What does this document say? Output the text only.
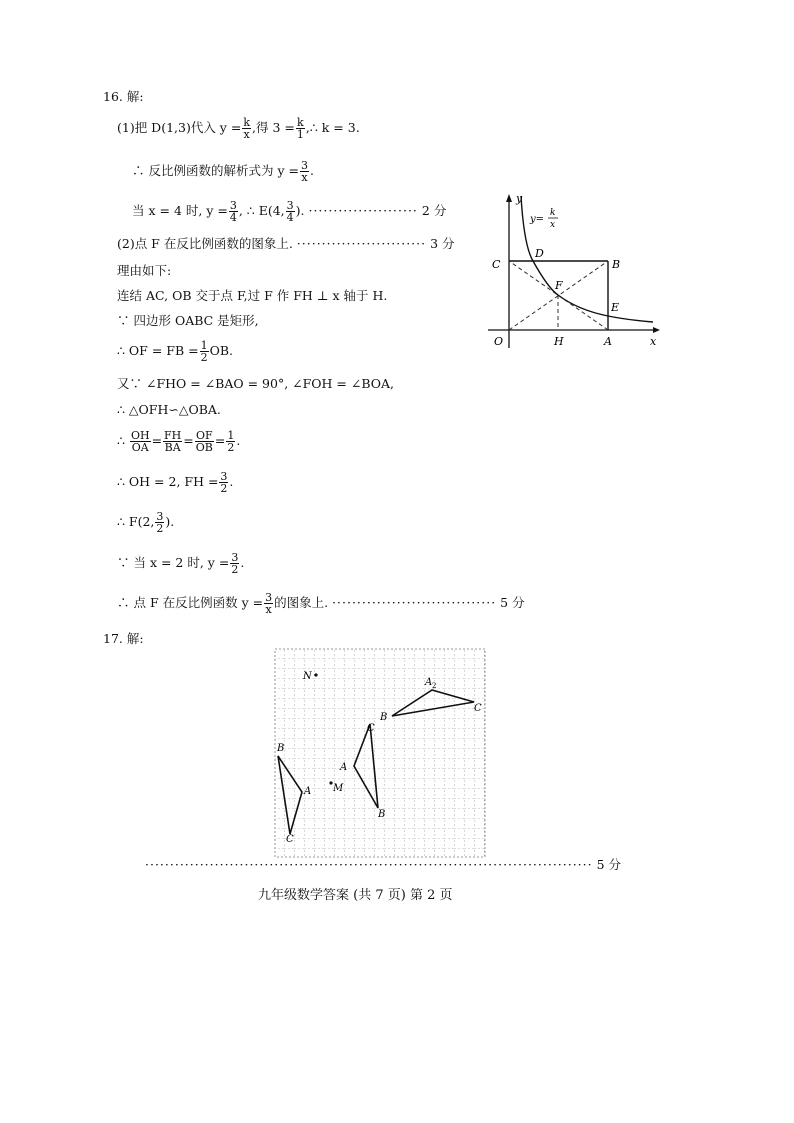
16. 解:
(1)把 D(1,3)代入 $y = \frac{k}{x}$ ,得 $3 = \frac{k}{1}$ ,∴ k = 3.
∴ 反比例函数的解析式为 $y = \frac{3}{x}$ .
当 x = 4 时, $y = \frac{3}{4}$ , ∴ E(4, $\frac{3}{4}$ ). ······················ 2 分
(2)点 F 在反比例函数的图象上. ·························· 3 分
理由如下:
连结 AC, OB 交于点 F,过 F 作 FH ⊥ x 轴于 H.
∵ 四边形 OABC 是矩形,
∴ OF = FB = $\frac{1}{2}$ OB.
又∵ ∠FHO = ∠BAO = 90°, ∠FOH = ∠BOA,
∴ △OFH∽△OBA.
∴ $\frac{OH}{OA} = \frac{FH}{BA} = \frac{OF}{OB} = \frac{1}{2}$ .
∴ OH = 2, FH = $\frac{3}{2}$ .
∴ F(2, $\frac{3}{2}$ ).
∵ 当 x = 2 时, $y = \frac{3}{2}$ .
∴ 点 F 在反比例函数 $y = \frac{3}{x}$ 的图象上. ································· 5 分
y
x
O	H	A
C
D
B
F
E
y=
k
x
17. 解:
N
A 2
B
C
C
A
M
B
B
A
C
·························································································· 5 分
九年级数学答案 (共 7 页) 第 2 页
